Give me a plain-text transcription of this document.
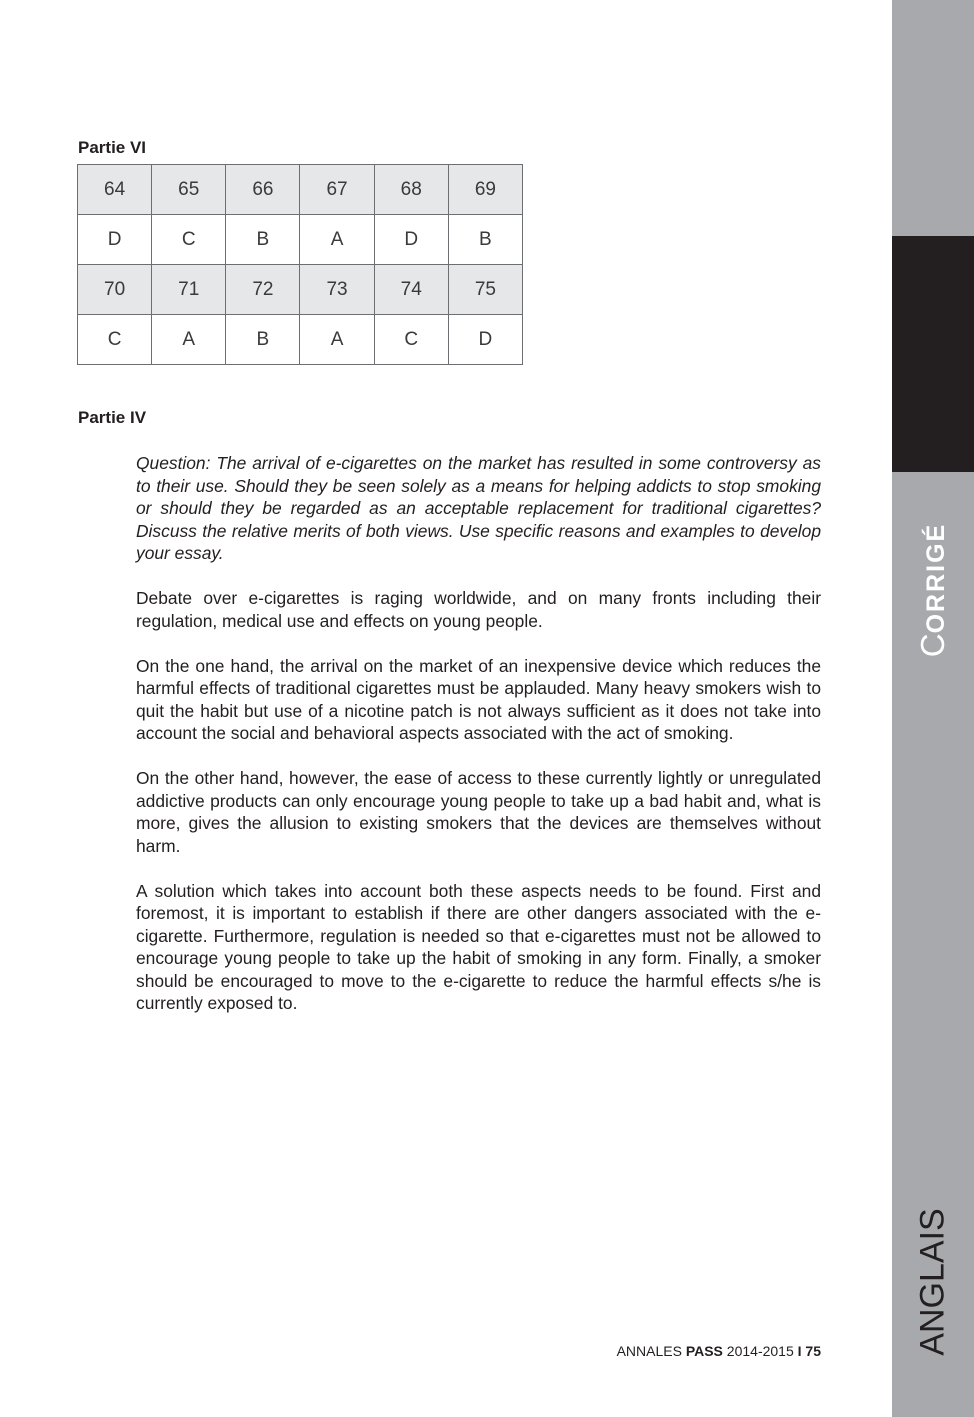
CORRIGÉ
ANGLAIS
Partie VI
64	65	66	67	68	69
D	C	B	A	D	B
70	71	72	73	74	75
C	A	B	A	C	D
Partie IV

Question: The arrival of e-cigarettes on the market has resulted in some controversy as to their use. Should they be seen solely as a means for helping addicts to stop smoking or should they be regarded as an acceptable replacement for traditional cigarettes? Discuss the relative merits of both views. Use specific reasons and examples to develop your essay.

Debate over e-cigarettes is raging worldwide, and on many fronts including their regulation, medical use and effects on young people.

On the one hand, the arrival on the market of an inexpensive device which reduces the harmful effects of traditional cigarettes must be applauded. Many heavy smokers wish to quit the habit but use of a nicotine patch is not always sufficient as it does not take into account the social and behavioral aspects associated with the act of smoking.

On the other hand, however, the ease of access to these currently lightly or unregulated addictive products can only encourage young people to take up a bad habit and, what is more, gives the allusion to existing smokers that the devices are themselves without harm.

A solution which takes into account both these aspects needs to be found. First and foremost, it is important to establish if there are other dangers associated with the e-cigarette. Furthermore, regulation is needed so that e-cigarettes must not be allowed to encourage young people to take up the habit of smoking in any form. Finally, a smoker should be encouraged to move to the e-cigarette to reduce the harmful effects s/he is currently exposed to.

ANNALES PASS 2014-2015 I 75
